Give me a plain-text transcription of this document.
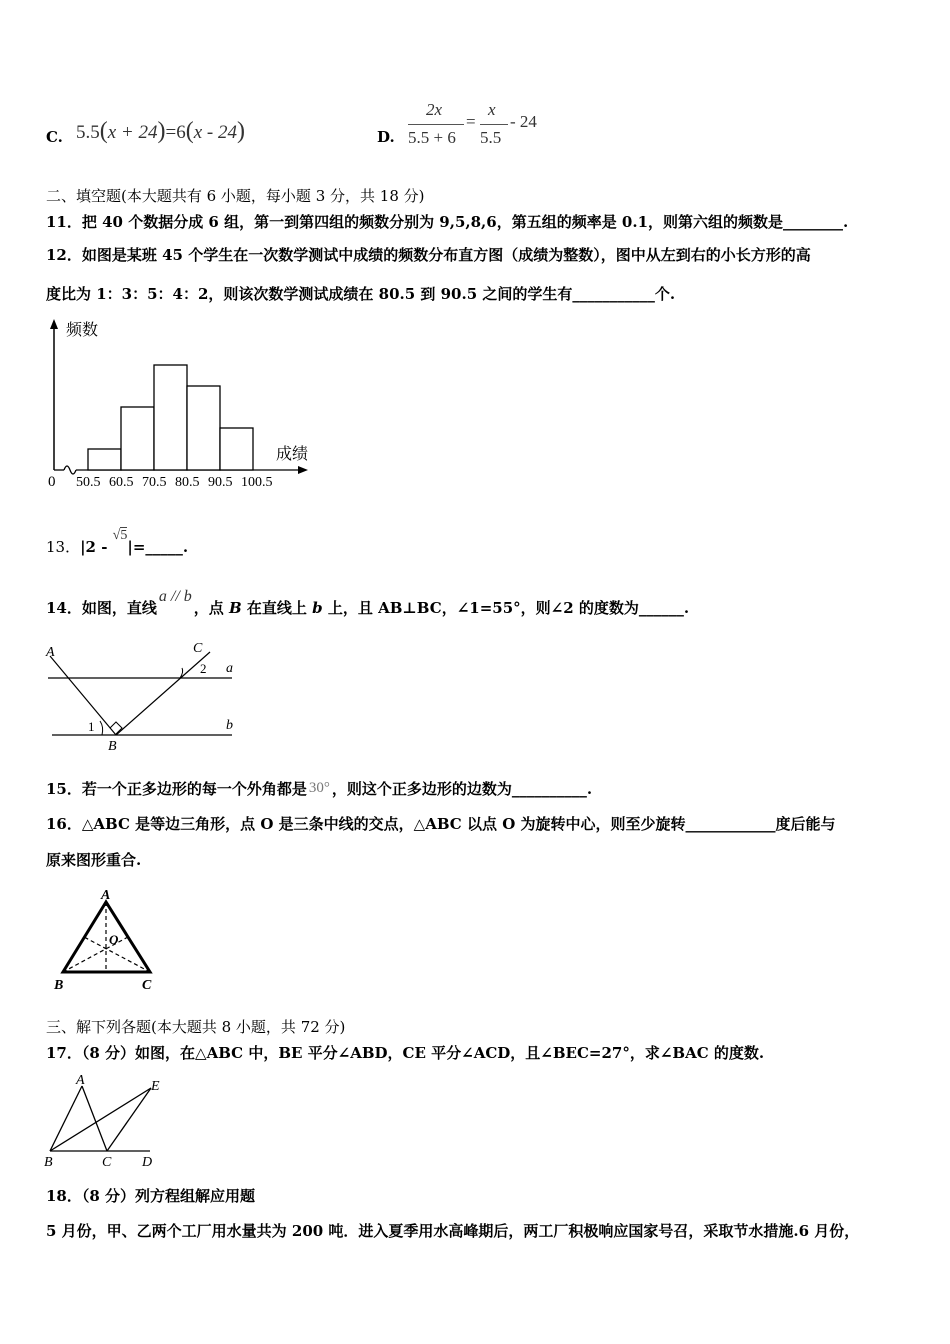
C. 5.5(x + 24)=6(x - 24)	D.
2x
5.5 + 6
=
x
5.5
- 24
二、填空题(本大题共有 6 小题，每小题 3 分，共 18 分)
11．把 40 个数据分成 6 组，第一到第四组的频数分别为 9,5,8,6，第五组的频率是 0.1，则第六组的频数是________.
12．如图是某班 45 个学生在一次数学测试中成绩的频数分布直方图（成绩为整数），图中从左到右的小长方形的高
度比为 1：3：5：4：2，则该次数学测试成绩在 80.5 到 90.5 之间的学生有___________个.
50.5 60.5 70.5 80.5 90.5 100.5
频数
成绩
0
13．|2 - √5|=_____.
14．如图，直线a // b，点 B 在直线上 b 上，且 AB⊥BC，∠1=55°，则∠2 的度数为______.
A
B
C
a
b
1
2
15．若一个正多边形的每一个外角都是 30° ，则这个正多边形的边数为__________.
16．△ABC 是等边三角形，点 O 是三条中线的交点，△ABC 以点 O 为旋转中心，则至少旋转____________度后能与
原来图形重合.
A
B	C
O
三、解下列各题(本大题共 8 小题，共 72 分)
17．（8 分）如图，在△ABC 中，BE 平分∠ABD，CE 平分∠ACD，且∠BEC=27°，求∠BAC 的度数.
A
B	C D
E
18．（8 分）列方程组解应用题
5 月份，甲、乙两个工厂用水量共为 200 吨．进入夏季用水高峰期后，两工厂积极响应国家号召，采取节水措施.6 月份，
